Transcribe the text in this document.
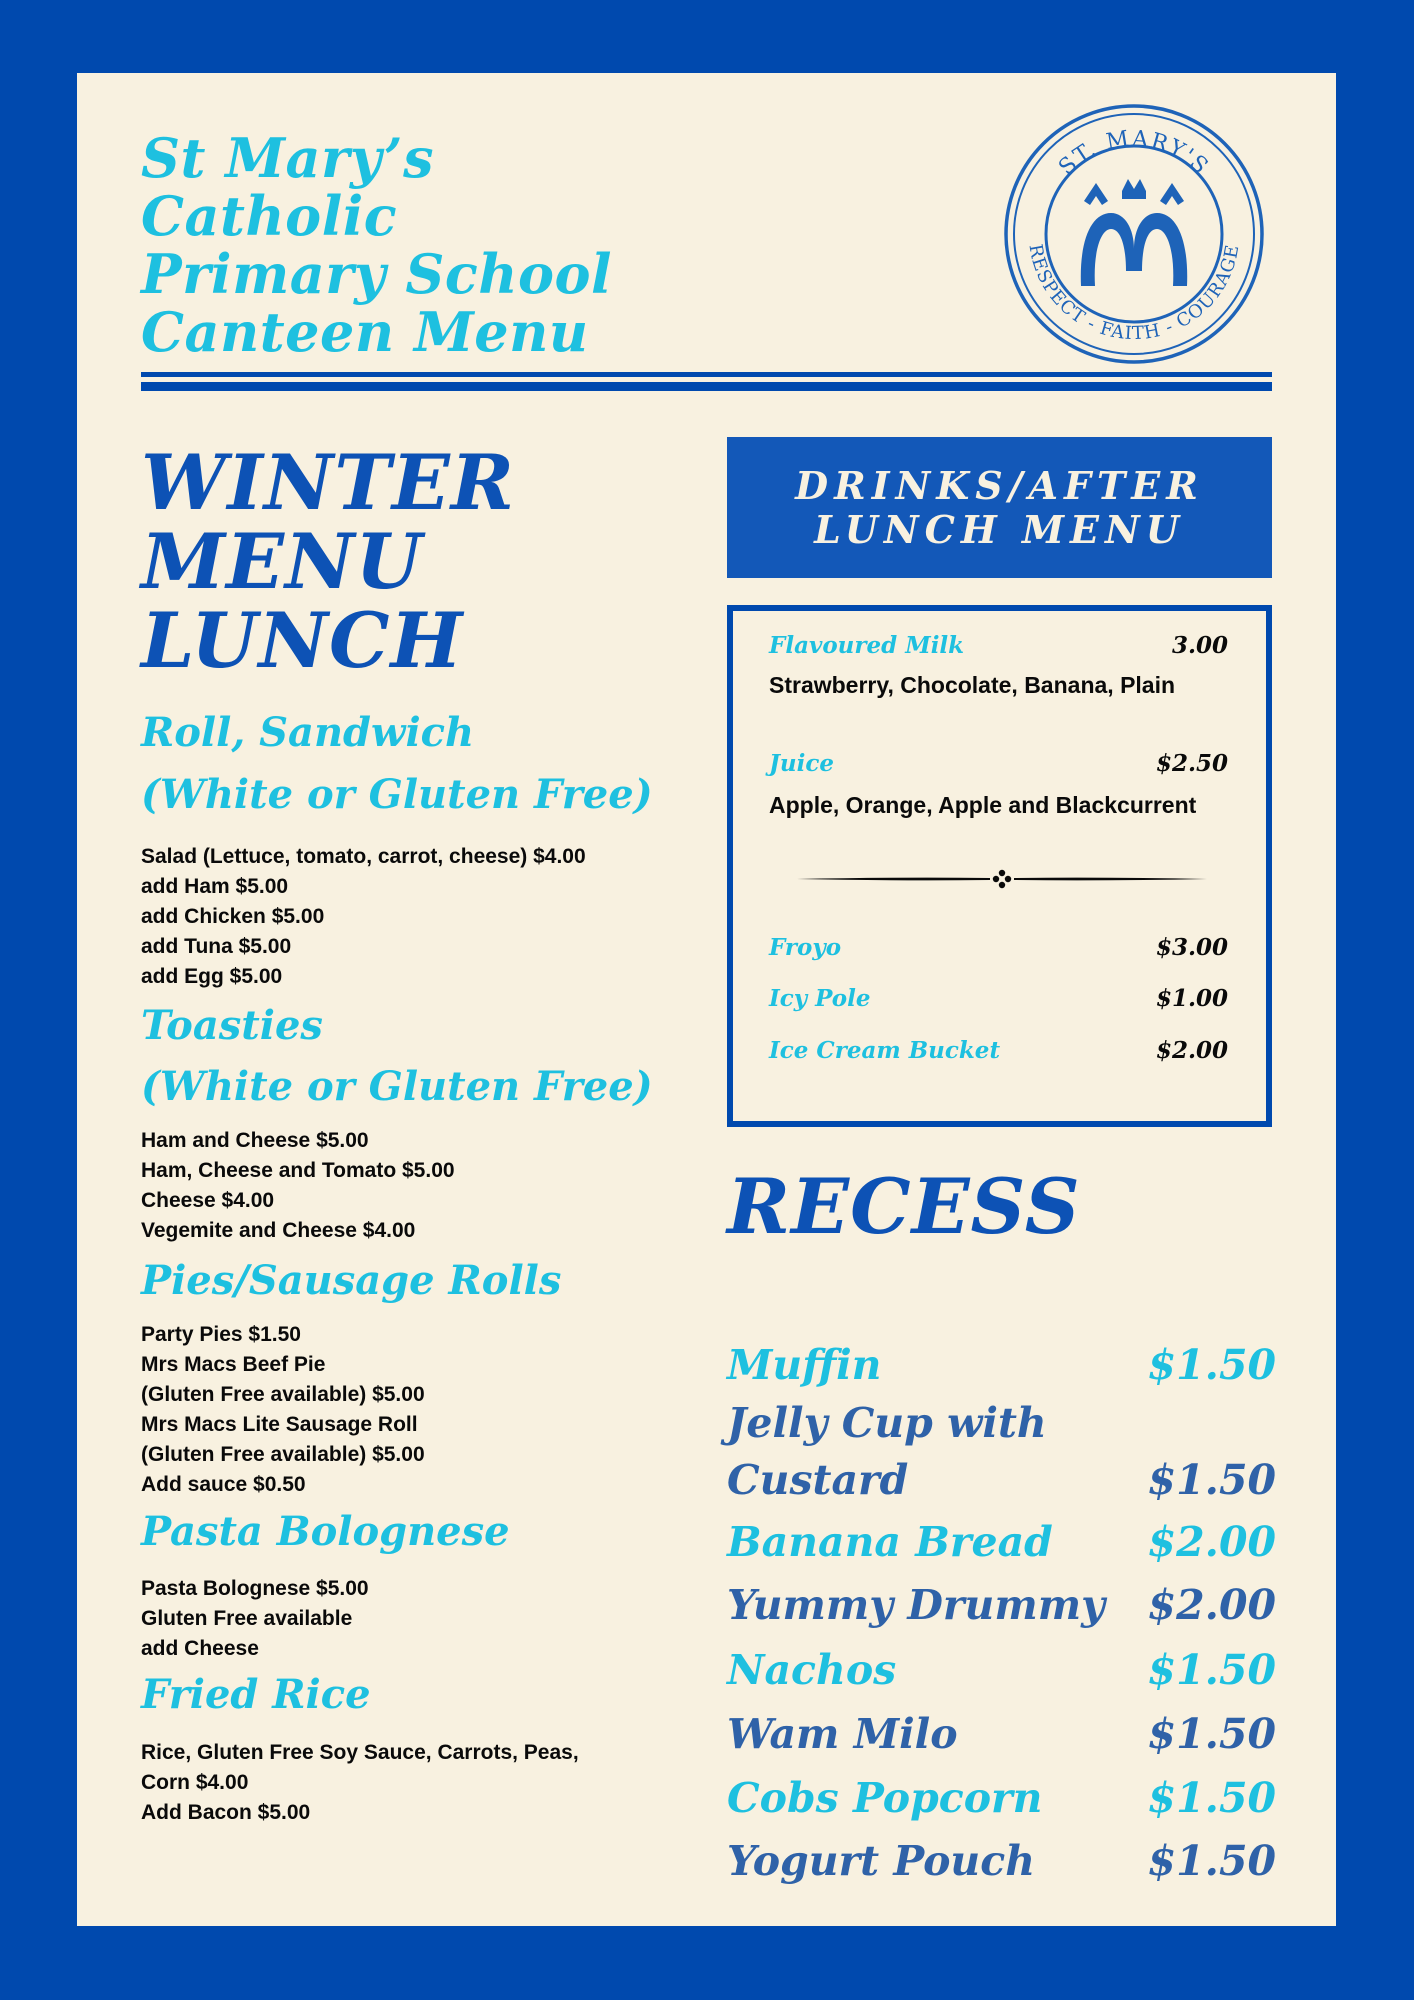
St Mary’s
Catholic
Primary School
Canteen Menu
ST. MARY'S
RESPECT - FAITH - COURAGE
WINTER
MENU
LUNCH
Roll, Sandwich
(White or Gluten Free)
Salad (Lettuce, tomato, carrot, cheese) $4.00
add Ham $5.00
add Chicken $5.00
add Tuna $5.00
add Egg $5.00
Toasties
(White or Gluten Free)
Ham and Cheese $5.00
Ham, Cheese and Tomato $5.00
Cheese $4.00
Vegemite and Cheese $4.00
Pies/Sausage Rolls
Party Pies $1.50
Mrs Macs Beef Pie
(Gluten Free available) $5.00
Mrs Macs Lite Sausage Roll
(Gluten Free available) $5.00
Add sauce $0.50
Pasta Bolognese
Pasta Bolognese $5.00
Gluten Free available
add Cheese
Fried Rice
Rice, Gluten Free Soy Sauce, Carrots, Peas,
Corn $4.00
Add Bacon $5.00
DRINKS/AFTER
LUNCH MENU
Flavoured Milk	3.00
Strawberry, Chocolate, Banana, Plain
Juice	$2.50
Apple, Orange, Apple and Blackcurrent
Froyo	$3.00
Icy Pole	$1.00
Ice Cream Bucket	$2.00
RECESS
Muffin	$1.50
Jelly Cup with
Custard	$1.50
Banana Bread $2.00
Yummy Drummy $2.00
Nachos	$1.50
Wam Milo	$1.50
Cobs Popcorn	$1.50
Yogurt Pouch	$1.50
